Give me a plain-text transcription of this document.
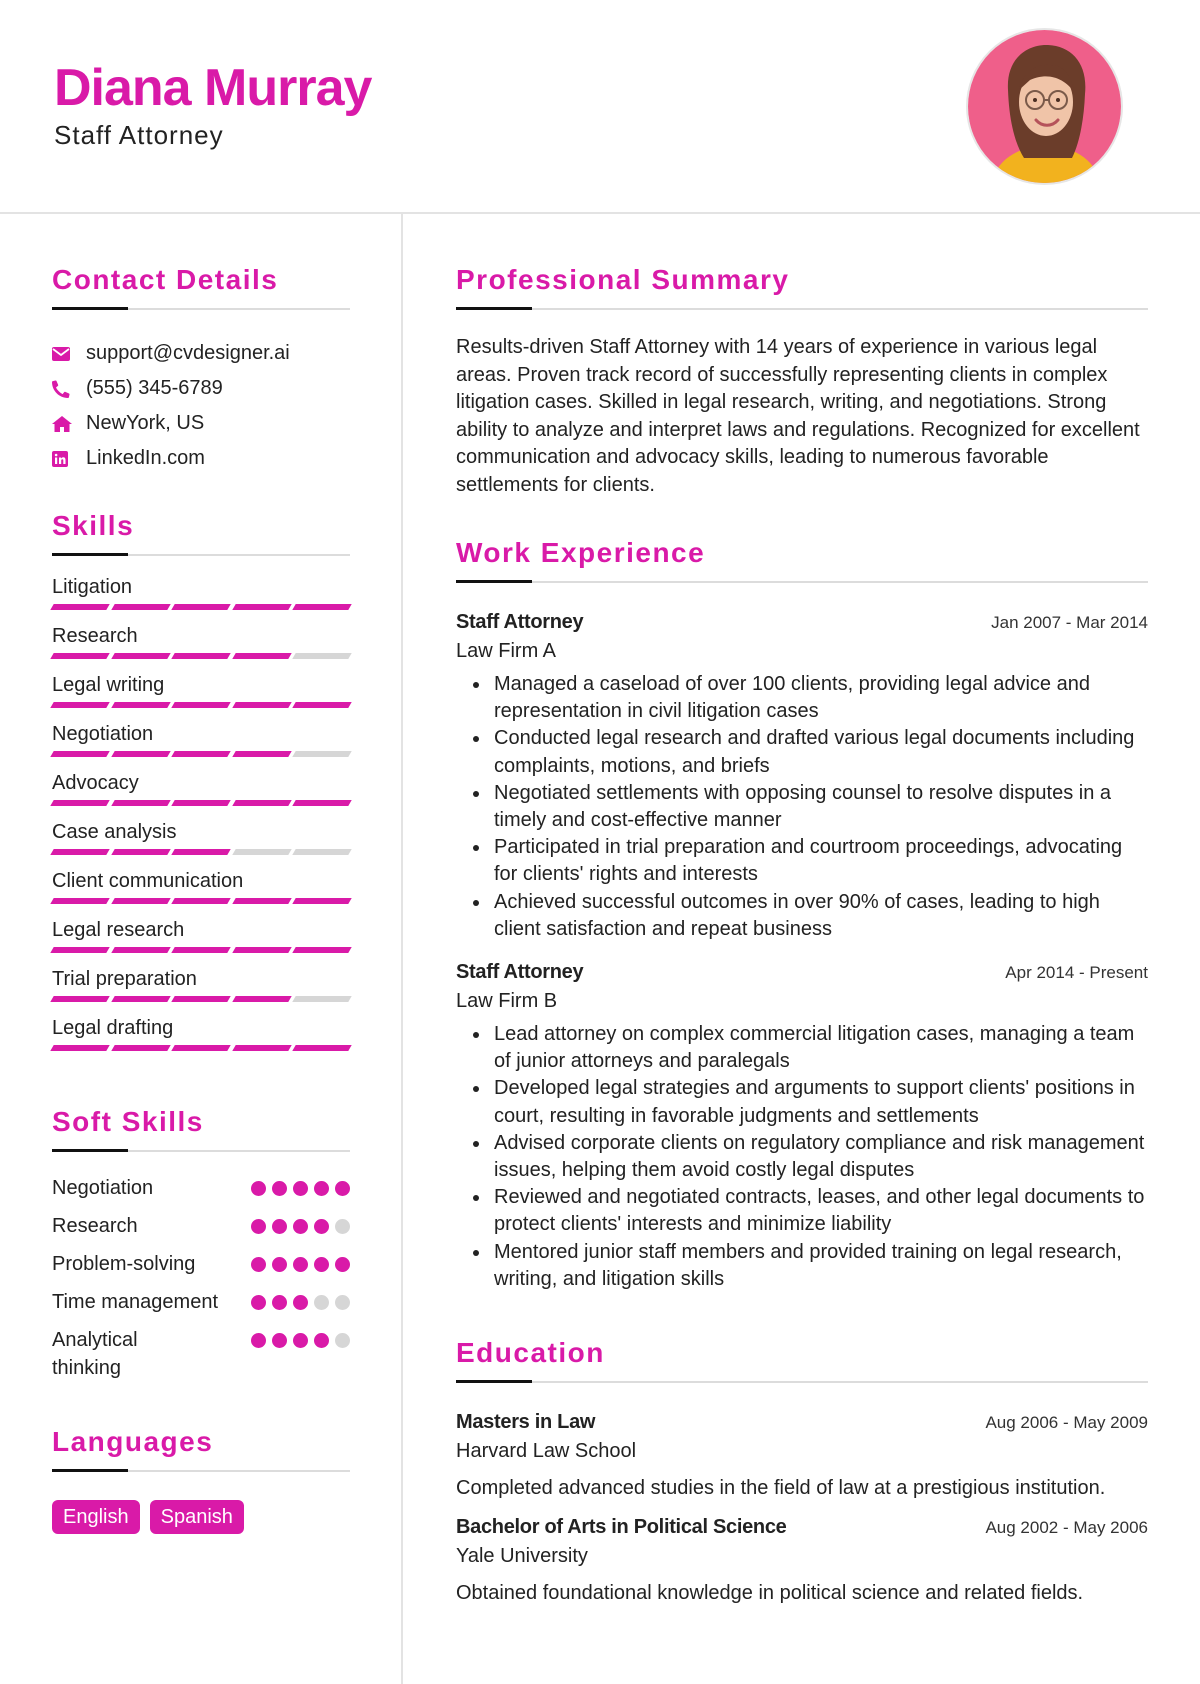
Diana Murray
Staff Attorney
Contact Details
support@cvdesigner.ai
(555) 345-6789
NewYork, US
LinkedIn.com
Skills
Litigation
Research
Legal writing
Negotiation
Advocacy
Case analysis
Client communication
Legal research
Trial preparation
Legal drafting
Soft Skills
Negotiation
Research
Problem-solving
Time management
Analytical thinking
Languages
English	Spanish
Professional Summary

Results-driven Staff Attorney with 14 years of experience in various legal areas. Proven track record of successfully representing clients in complex litigation cases. Skilled in legal research, writing, and negotiations. Strong ability to analyze and interpret laws and regulations. Recognized for excellent communication and advocacy skills, leading to numerous favorable settlements for clients.

Work Experience
Staff Attorney	Jan 2007 - Mar 2014
Law Firm A
Managed a caseload of over 100 clients, providing legal advice and representation in civil litigation cases
Conducted legal research and drafted various legal documents including complaints, motions, and briefs
Negotiated settlements with opposing counsel to resolve disputes in a timely and cost-effective manner
Participated in trial preparation and courtroom proceedings, advocating for clients' rights and interests
Achieved successful outcomes in over 90% of cases, leading to high client satisfaction and repeat business
Staff Attorney	Apr 2014 - Present
Law Firm B
Lead attorney on complex commercial litigation cases, managing a team of junior attorneys and paralegals
Developed legal strategies and arguments to support clients' positions in court, resulting in favorable judgments and settlements
Advised corporate clients on regulatory compliance and risk management issues, helping them avoid costly legal disputes
Reviewed and negotiated contracts, leases, and other legal documents to protect clients' interests and minimize liability
Mentored junior staff members and provided training on legal research, writing, and litigation skills
Education
Masters in Law	Aug 2006 - May 2009
Harvard Law School
Completed advanced studies in the field of law at a prestigious institution.
Bachelor of Arts in Political Science	Aug 2002 - May 2006
Yale University
Obtained foundational knowledge in political science and related fields.
